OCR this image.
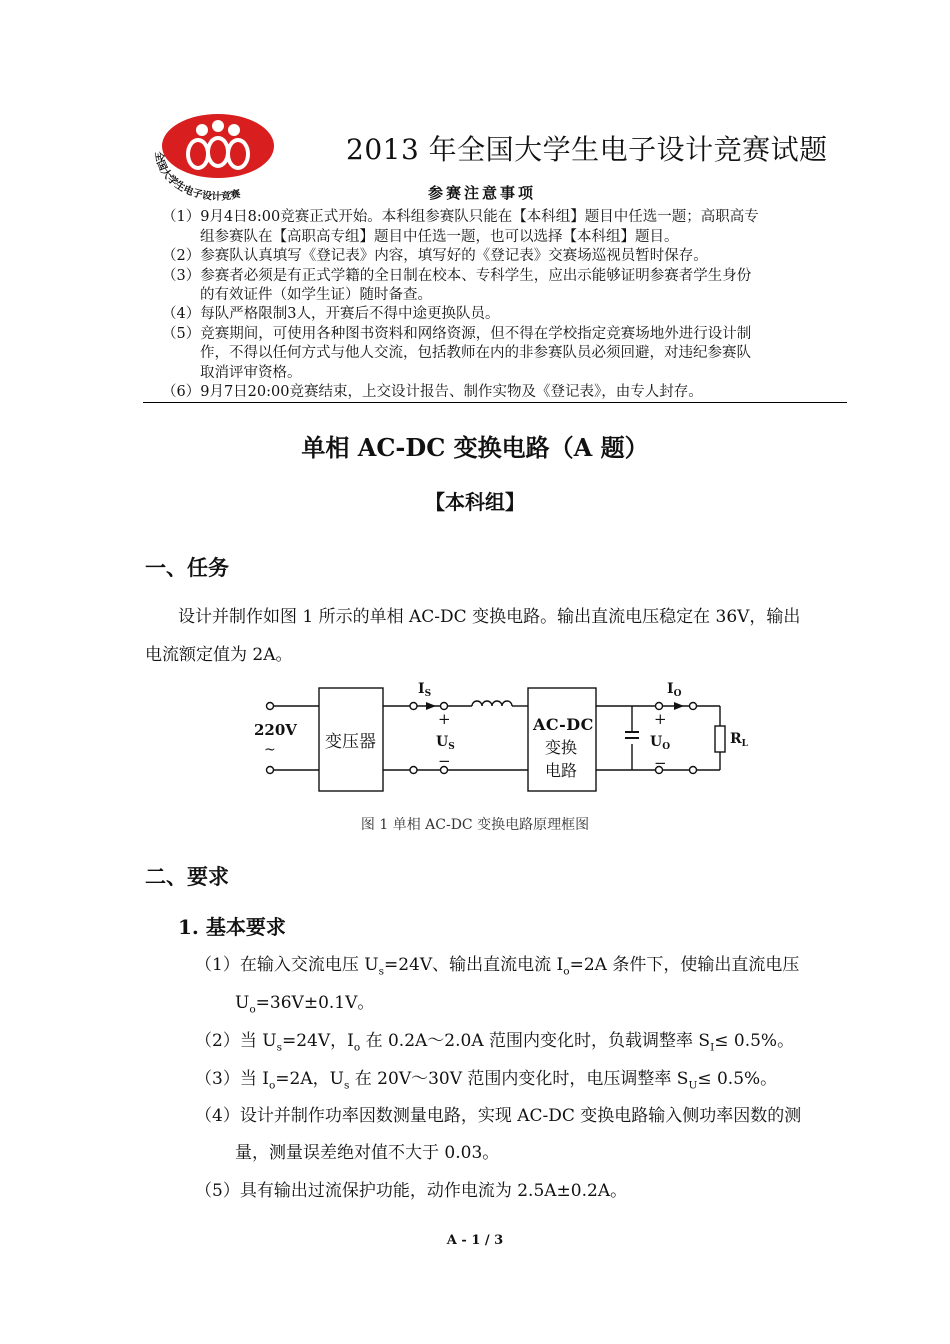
全国大学生电子设计竞赛
2013 年全国大学生电子设计竞赛试题
参赛注意事项
（1）9月4日8:00竞赛正式开始。本科组参赛队只能在【本科组】题目中任选一题；高职高专
组参赛队在【高职高专组】题目中任选一题，也可以选择【本科组】题目。
（2）参赛队认真填写《登记表》内容，填写好的《登记表》交赛场巡视员暂时保存。
（3）参赛者必须是有正式学籍的全日制在校本、专科学生，应出示能够证明参赛者学生身份
的有效证件（如学生证）随时备查。
（4）每队严格限制3人，开赛后不得中途更换队员。
（5）竞赛期间，可使用各种图书资料和网络资源，但不得在学校指定竞赛场地外进行设计制
作，不得以任何方式与他人交流，包括教师在内的非参赛队员必须回避，对违纪参赛队
取消评审资格。
（6）9月7日20:00竞赛结束，上交设计报告、制作实物及《登记表》，由专人封存。
单相 AC-DC 变换电路（A 题）
【本科组】
一、任务
设计并制作如图 1 所示的单相 AC-DC 变换电路。输出直流电压稳定在 36V，输出
电流额定值为 2A。
220V
~	变压器
$I_S$
+
$U_S$
−
AC-DC
变换
电路
$I_O$
+
$U_O$
−
$R_L$
图 1 单相 AC-DC 变换电路原理框图
二、要求
1. 基本要求
（1）在输入交流电压 $U_s=24V$、输出直流电流 $I_o=2A$ 条件下，使输出直流电压
$U_o=36V\pm 0.1V$。
（2）当 $U_s=24V$，$I_o$ 在 0.2A～2.0A 范围内变化时，负载调整率 $S_I\le 0.5\%$。
（3）当 $I_o=2A$，$U_s$ 在 20V～30V 范围内变化时，电压调整率 $S_U\le 0.5\%$。
（4）设计并制作功率因数测量电路，实现 AC-DC 变换电路输入侧功率因数的测
量，测量误差绝对值不大于 0.03。
（5）具有输出过流保护功能，动作电流为 2.5A±0.2A。
A - 1 / 3
